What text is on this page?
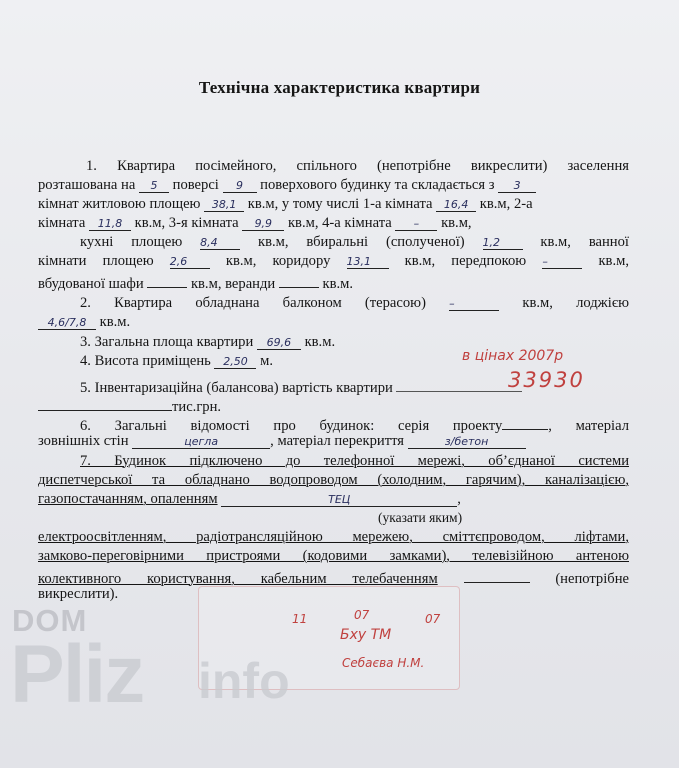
Технічна характеристика квартири
1. Квартира посімейного, спільного (непотрібне викреслити) заселення
розташована на 5 поверсі 9 поверхового будинку та складається з 3
кімнат житловою площею 38,1 кв.м, у тому числі 1-а кімната 16,4 кв.м, 2-а
кімната 11,8 кв.м, 3-я кімната 9,9 кв.м, 4-а кімната – кв.м,
кухні площею 8,4	кв.м, вбиральні (сполученої) 1,2	кв.м, ванної
кімнати площею 2,6	кв.м, коридору 13,1 кв.м, передпокою –	кв.м,
вбудованої шафи	кв.м, веранди	кв.м.
2. Квартира обладнана балконом (терасою) –	кв.м, лоджією
4,6/7,8 кв.м.
3. Загальна площа квартири 69,6 кв.м.
4. Висота приміщень 2,50 м.	в цінах 2007р
5. Інвентаризаційна (балансова) вартість квартири	33930
тис.грн.
6. Загальні відомості про будинок: серія проекту	, матеріал
зовнішніх стін	цегла	, матеріал перекриття	з/бетон
7. Будинок підключено до телефонної мережі, об’єднаної системи
диспетчерської та обладнано водопроводом (холодним, гарячим), каналізацією,
газопостачанням, опаленням	ТЕЦ	,
(указати яким)
електроосвітленням, радіотрансляційною мережею, сміттєпроводом, ліфтами,
замково-переговірними пристроями (кодовими замками), телевізійною антеною
колективного користування, кабельним телебаченням	(непотрібне
викреслити).
11	07	07
Бху ТМ
Себаєва Н.М.
DOM
Pliz info
